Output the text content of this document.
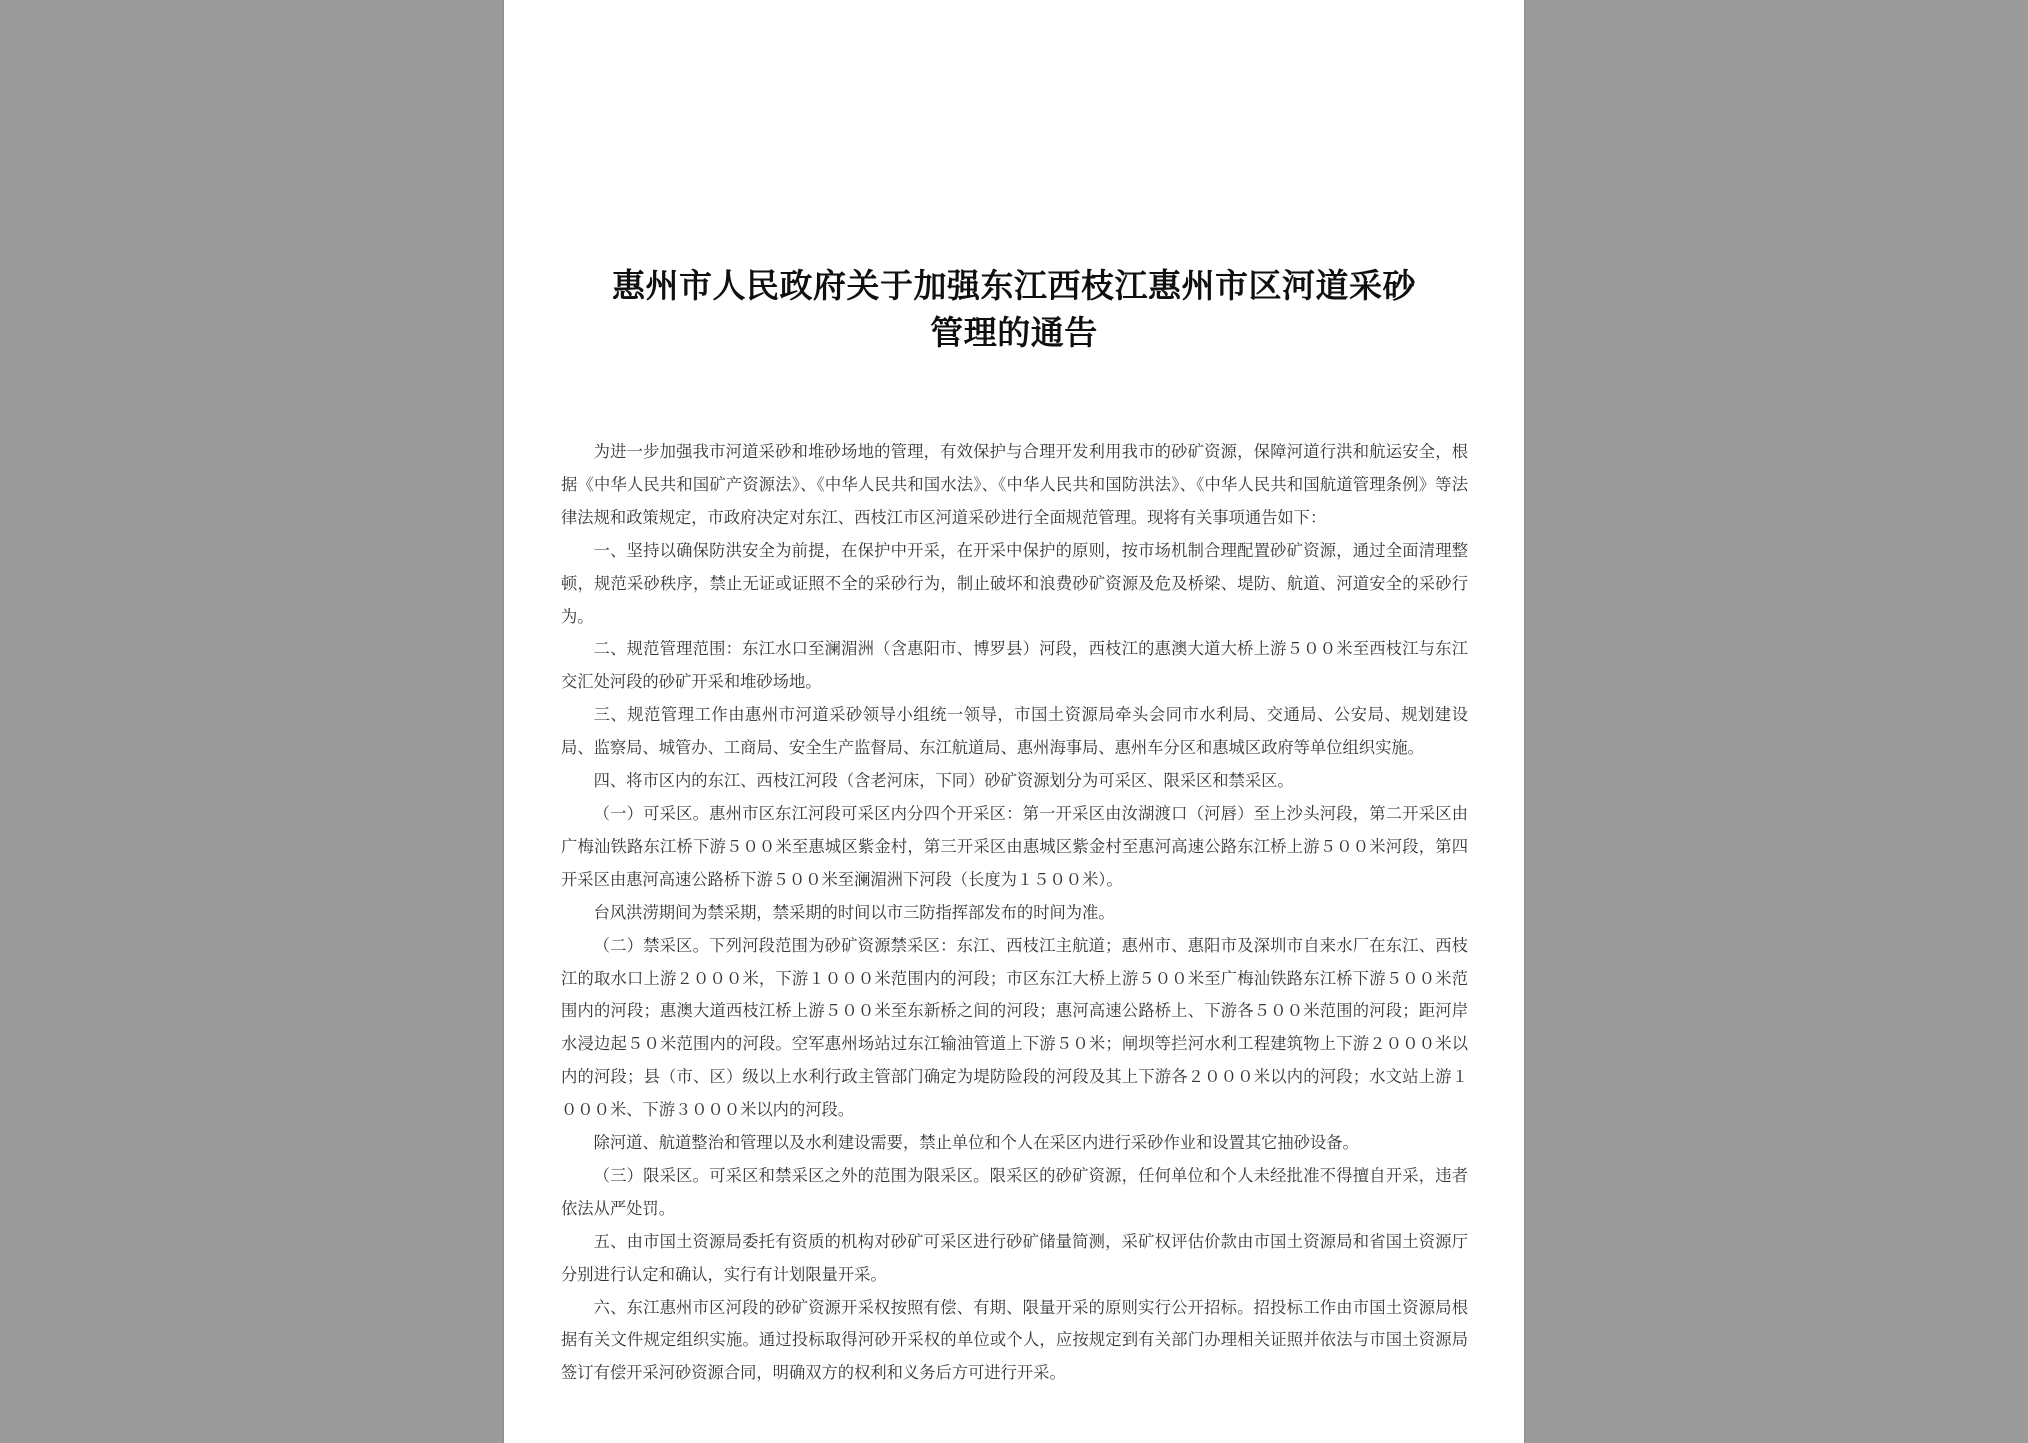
惠州市人民政府关于加强东江西枝江惠州市区河道采砂
管理的通告

为进一步加强我市河道采砂和堆砂场地的管理，有效保护与合理开发利用我市的砂矿资源，保障河道行洪和航运安全，根据《中华人民共和国矿产资源法》、《中华人民共和国水法》、《中华人民共和国防洪法》、《中华人民共和国航道管理条例》等法律法规和政策规定，市政府决定对东江、西枝江市区河道采砂进行全面规范管理。现将有关事项通告如下：

一、坚持以确保防洪安全为前提，在保护中开采，在开采中保护的原则，按市场机制合理配置砂矿资源，通过全面清理整顿，规范采砂秩序，禁止无证或证照不全的采砂行为，制止破坏和浪费砂矿资源及危及桥梁、堤防、航道、河道安全的采砂行为。

二、规范管理范围：东江水口至澜湄洲（含惠阳市、博罗县）河段，西枝江的惠澳大道大桥上游５００米至西枝江与东江交汇处河段的砂矿开采和堆砂场地。

三、规范管理工作由惠州市河道采砂领导小组统一领导，市国土资源局牵头会同市水利局、交通局、公安局、规划建设局、监察局、城管办、工商局、安全生产监督局、东江航道局、惠州海事局、惠州车分区和惠城区政府等单位组织实施。

四、将市区内的东江、西枝江河段（含老河床，下同）砂矿资源划分为可采区、限采区和禁采区。

（一）可采区。惠州市区东江河段可采区内分四个开采区：第一开采区由汝湖渡口（河唇）至上沙头河段，第二开采区由广梅汕铁路东江桥下游５００米至惠城区紫金村，第三开采区由惠城区紫金村至惠河高速公路东江桥上游５００米河段，第四开采区由惠河高速公路桥下游５００米至澜湄洲下河段（长度为１５００米）。

台风洪涝期间为禁采期，禁采期的时间以市三防指挥部发布的时间为准。

（二）禁采区。下列河段范围为砂矿资源禁采区：东江、西枝江主航道；惠州市、惠阳市及深圳市自来水厂在东江、西枝江的取水口上游２０００米，下游１０００米范围内的河段；市区东江大桥上游５００米至广梅汕铁路东江桥下游５００米范围内的河段；惠澳大道西枝江桥上游５００米至东新桥之间的河段；惠河高速公路桥上、下游各５００米范围的河段；距河岸水浸边起５０米范围内的河段。空军惠州场站过东江输油管道上下游５０米；闸坝等拦河水利工程建筑物上下游２０００米以内的河段；县（市、区）级以上水利行政主管部门确定为堤防险段的河段及其上下游各２０００米以内的河段；水文站上游１０００米、下游３０００米以内的河段。

除河道、航道整治和管理以及水利建设需要，禁止单位和个人在采区内进行采砂作业和设置其它抽砂设备。

（三）限采区。可采区和禁采区之外的范围为限采区。限采区的砂矿资源，任何单位和个人未经批准不得擅自开采，违者依法从严处罚。

五、由市国土资源局委托有资质的机构对砂矿可采区进行砂矿储量简测，采矿权评估价款由市国土资源局和省国土资源厅分别进行认定和确认，实行有计划限量开采。

六、东江惠州市区河段的砂矿资源开采权按照有偿、有期、限量开采的原则实行公开招标。招投标工作由市国土资源局根据有关文件规定组织实施。通过投标取得河砂开采权的单位或个人，应按规定到有关部门办理相关证照并依法与市国土资源局签订有偿开采河砂资源合同，明确双方的权利和义务后方可进行开采。
